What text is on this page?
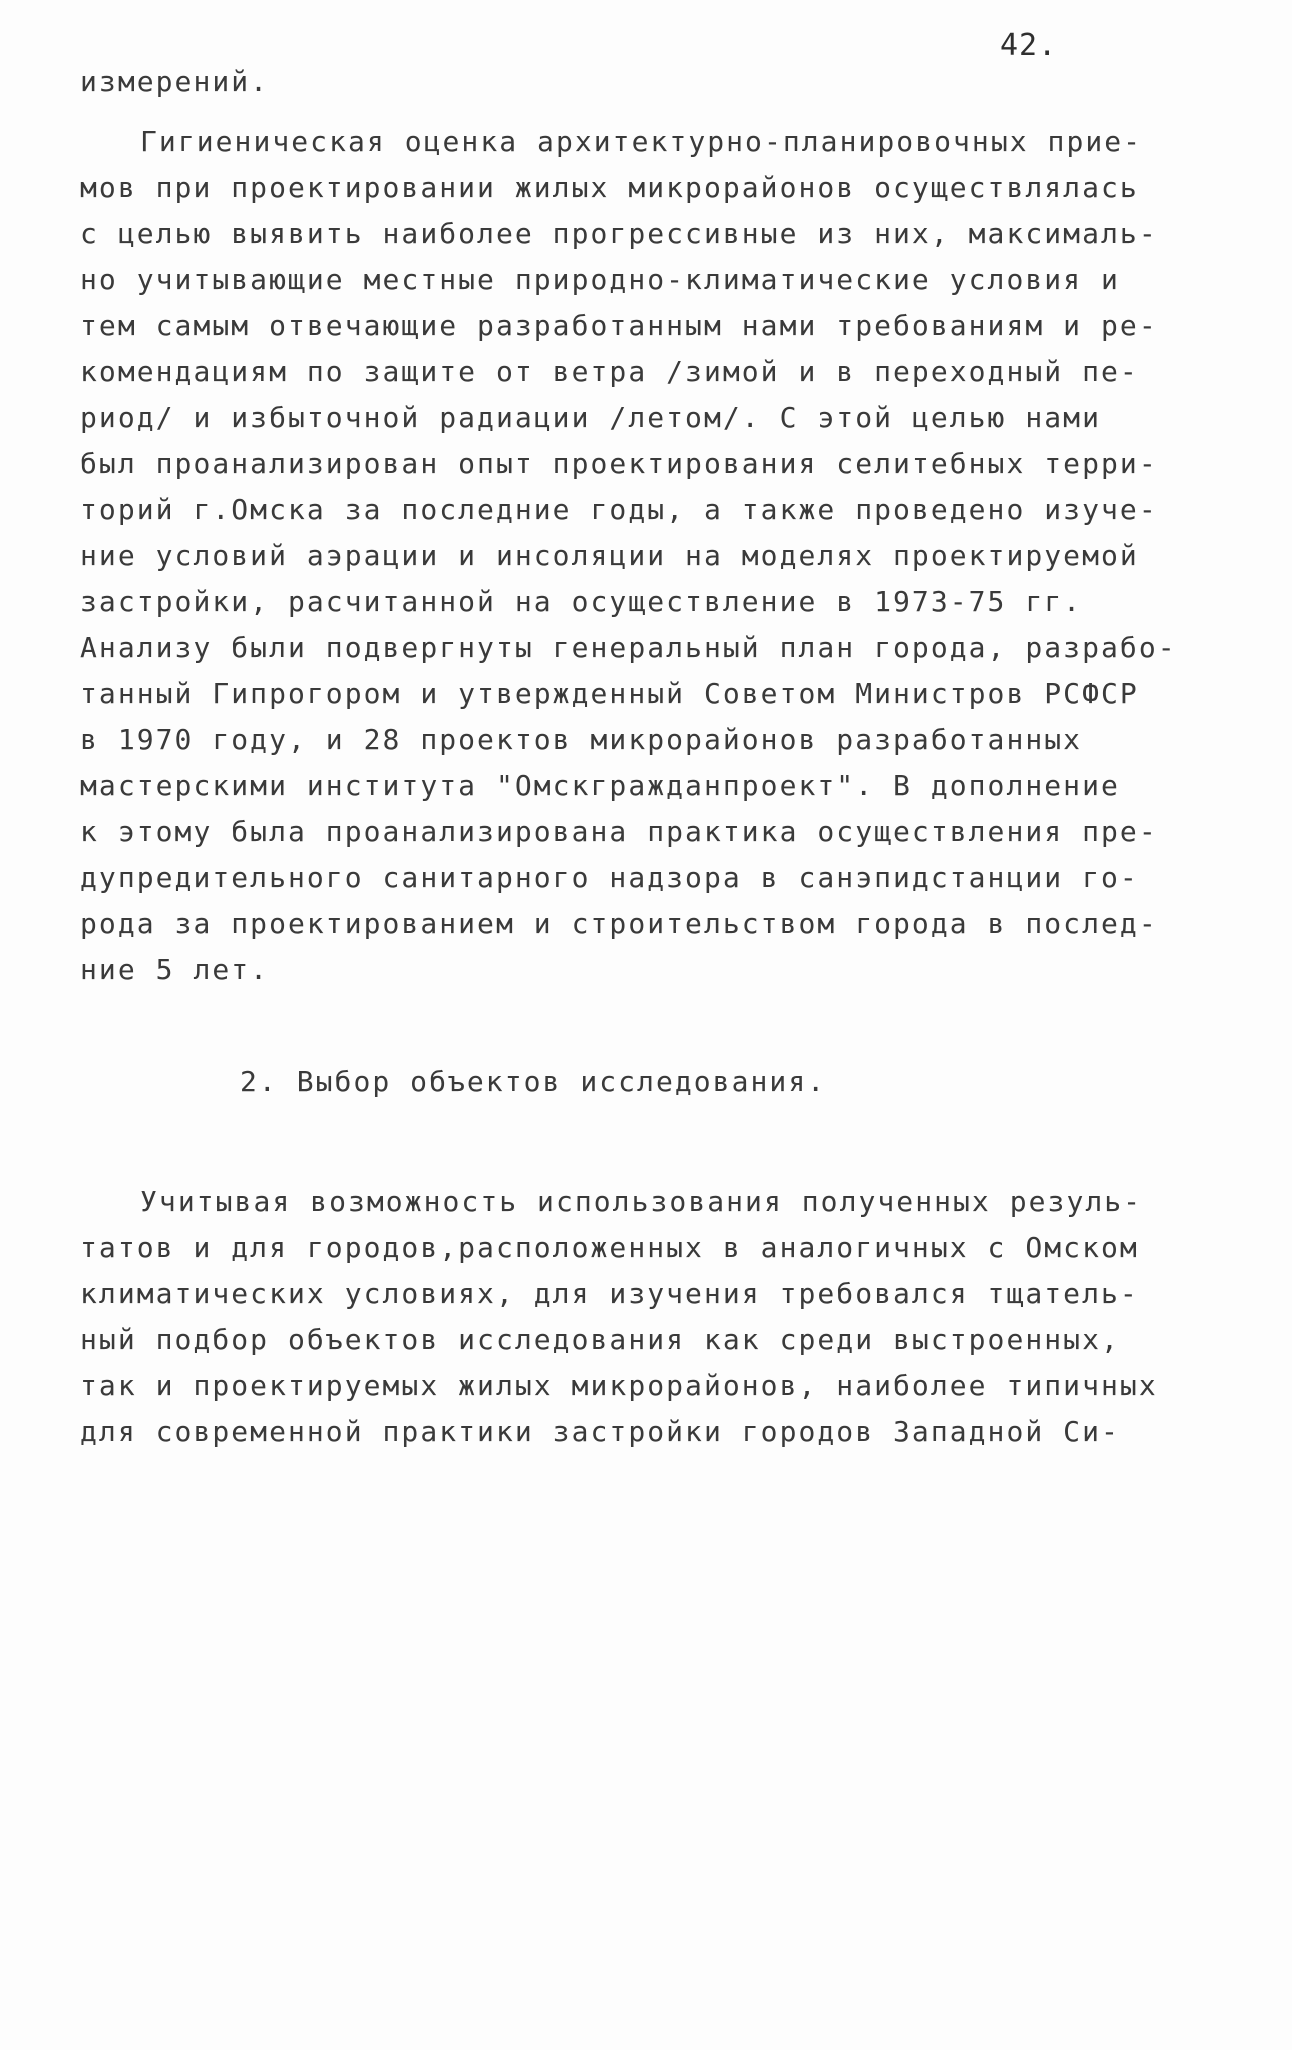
42.
измерений.
Гигиеническая оценка архитектурно-планировочных прие-
мов при проектировании жилых микрорайонов осуществлялась
с целью выявить наиболее прогрессивные из них, максималь-
но учитывающие местные природно-климатические условия и
тем самым отвечающие разработанным нами требованиям и ре-
комендациям по защите от ветра /зимой и в переходный пе-
риод/ и избыточной радиации /летом/. С этой целью нами
был проанализирован опыт проектирования селитебных терри-
торий г.Омска за последние годы, а также проведено изуче-
ние условий аэрации и инсоляции на моделях проектируемой
застройки, расчитанной на осуществление в 1973-75 гг.
Анализу были подвергнуты генеральный план города, разрабо-
танный Гипрогором и утвержденный Советом Министров РСФСР
в 1970 году, и 28 проектов микрорайонов разработанных
мастерскими института "Омскгражданпроект". В дополнение
к этому была проанализирована практика осуществления пре-
дупредительного санитарного надзора в санэпидстанции го-
рода за проектированием и строительством города в послед-
ние 5 лет.
2. Выбор объектов исследования.
Учитывая возможность использования полученных резуль-
татов и для городов,расположенных в аналогичных с Омском
климатических условиях, для изучения требовался тщатель-
ный подбор объектов исследования как среди выстроенных,
так и проектируемых жилых микрорайонов, наиболее типичных
для современной практики застройки городов Западной Си-
